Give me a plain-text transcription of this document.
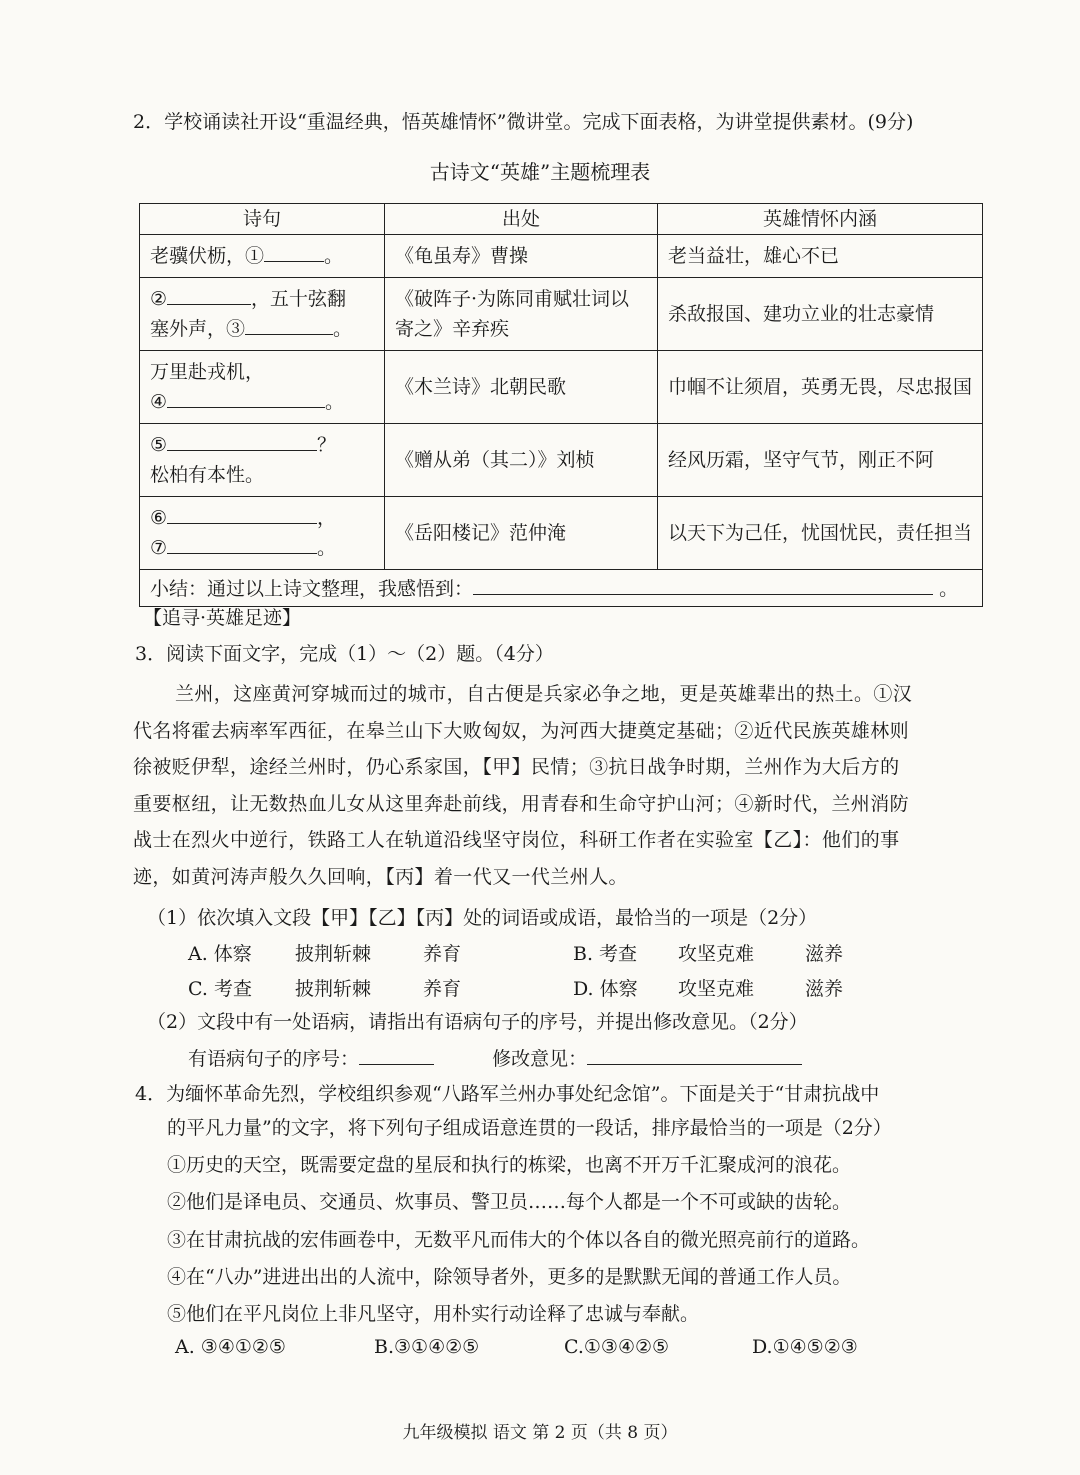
2．学校诵读社开设“重温经典，悟英雄情怀”微讲堂。完成下面表格，为讲堂提供素材。(9分)
古诗文“英雄”主题梳理表
诗句	出处	英雄情怀内涵
老骥伏枥，① 。	《龟虽寿》曹操	老当益壮，雄心不已
② ，五十弦翻
塞外声，③ 。	《破阵子·为陈同甫赋壮词以寄之》辛弃疾	杀敌报国、建功立业的壮志豪情
万里赴戎机，
④ 。	《木兰诗》北朝民歌	巾帼不让须眉，英勇无畏，尽忠报国
⑤ ？
松柏有本性。	《赠从弟（其二）》刘桢	经风历霜，坚守气节，刚正不阿
⑥ ，
⑦ 。	《岳阳楼记》范仲淹	以天下为己任，忧国忧民，责任担当
小结：通过以上诗文整理，我感悟到： 。		
【追寻·英雄足迹】
3．阅读下面文字，完成（1）～（2）题。（4分）
兰州，这座黄河穿城而过的城市，自古便是兵家必争之地，更是英雄辈出的热土。①汉
代名将霍去病率军西征，在皋兰山下大败匈奴，为河西大捷奠定基础；②近代民族英雄林则
徐被贬伊犁，途经兰州时，仍心系家国，【甲】民情；③抗日战争时期，兰州作为大后方的
重要枢纽，让无数热血儿女从这里奔赴前线，用青春和生命守护山河；④新时代，兰州消防
战士在烈火中逆行，铁路工人在轨道沿线坚守岗位，科研工作者在实验室【乙】：他们的事
迹，如黄河涛声般久久回响，【丙】着一代又一代兰州人。
（1）依次填入文段【甲】【乙】【丙】处的词语或成语，最恰当的一项是（2分）
A. 体察 披荆斩棘	养育	B. 考查 攻坚克难	滋养
C. 考查 披荆斩棘	养育	D. 体察 攻坚克难	滋养
（2）文段中有一处语病，请指出有语病句子的序号，并提出修改意见。（2分）
有语病句子的序号：	修改意见：
4．为缅怀革命先烈，学校组织参观“八路军兰州办事处纪念馆”。下面是关于“甘肃抗战中
的平凡力量”的文字，将下列句子组成语意连贯的一段话，排序最恰当的一项是（2分）
①历史的天空，既需要定盘的星辰和执行的栋梁，也离不开万千汇聚成河的浪花。
②他们是译电员、交通员、炊事员、警卫员……每个人都是一个不可或缺的齿轮。
③在甘肃抗战的宏伟画卷中，无数平凡而伟大的个体以各自的微光照亮前行的道路。
④在“八办”进进出出的人流中，除领导者外，更多的是默默无闻的普通工作人员。
⑤他们在平凡岗位上非凡坚守，用朴实行动诠释了忠诚与奉献。
A. ③④①②⑤	B.③①④②⑤	C.①③④②⑤	D.①④⑤②③
九年级模拟 语文 第 2 页（共 8 页）
